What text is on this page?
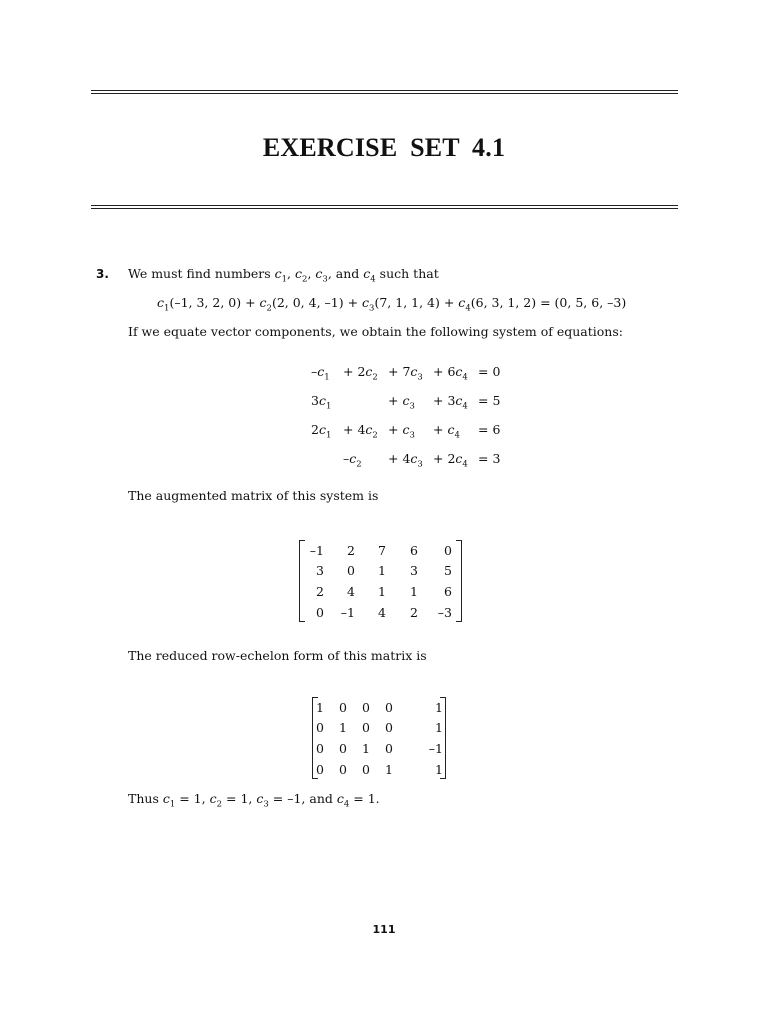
EXERCISE SET 4.1
3. We must find numbers $c_1$, $c_2$, $c_3$, and $c_4$ such that
$c_1(-1$, 3, 2, $0) + c_2(2$, 0, 4, $-1) + c_3(7$, 1, 1, $4) + c_4(6$, 3, 1, 2) = (0, 5, 6, –3)
If we equate vector components, we obtain the following system of equations:
$-c_1$	+ $2c_2$	+ $7c_3$	+ $6c_4$	= 0
$3c_1$		+ $c_3$	+ $3c_4$	= 5
$2c_1$	+ $4c_2$	+ $c_3$	+ $c_4$	= 6
	$-c_2$	+ $4c_3$	+ $2c_4$	= 3
The augmented matrix of this system is
–1	2	7	6	0
3	0	1	3	5
2	4	1	1	6
0	–1	4	2	–3
The reduced row-echelon form of this matrix is
1	0	0	0	1
0	1	0	0	1
0	0	1	0	–1
0	0	0	1	1
Thus $c_1 = 1$, $c_2 = 1$, $c_3 = -1$, and $c_4 = 1$.
111
